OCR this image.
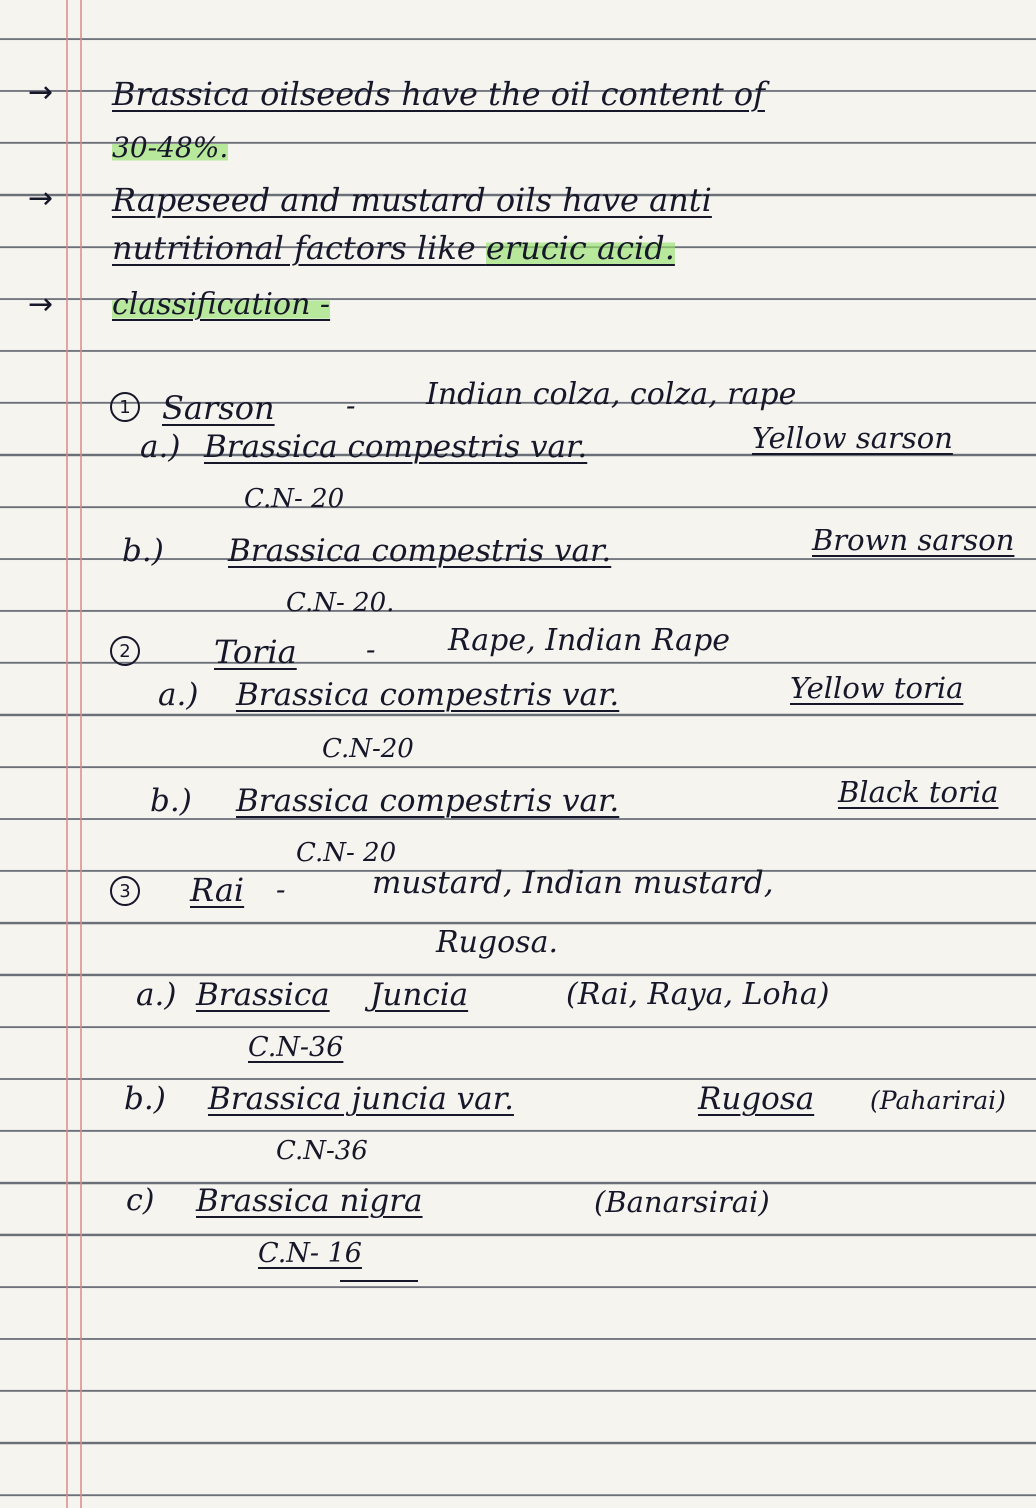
→ Brassica oilseeds have the oil content of
30-48%.
→ Rapeseed and mustard oils have anti
nutritional factors like erucic acid.
→ classification -
1 Sarson	- Indian colza, colza, rape
a.) Brassica compestris var.	Yellow sarson
C.N- 20
b.) Brassica compestris var.	Brown sarson
C.N- 20.
2	Toria - Rape, Indian Rape
a.) Brassica compestris var.	Yellow toria
C.N-20
b.) Brassica compestris var.	Black toria
C.N- 20
3 Rai -	mustard, Indian mustard,
Rugosa.
a.) Brassica Juncia	(Rai, Raya, Loha)
C.N-36
b.) Brassica juncia var.	Rugosa (Paharirai)
C.N-36
c) Brassica nigra	(Banarsirai)
C.N- 16
